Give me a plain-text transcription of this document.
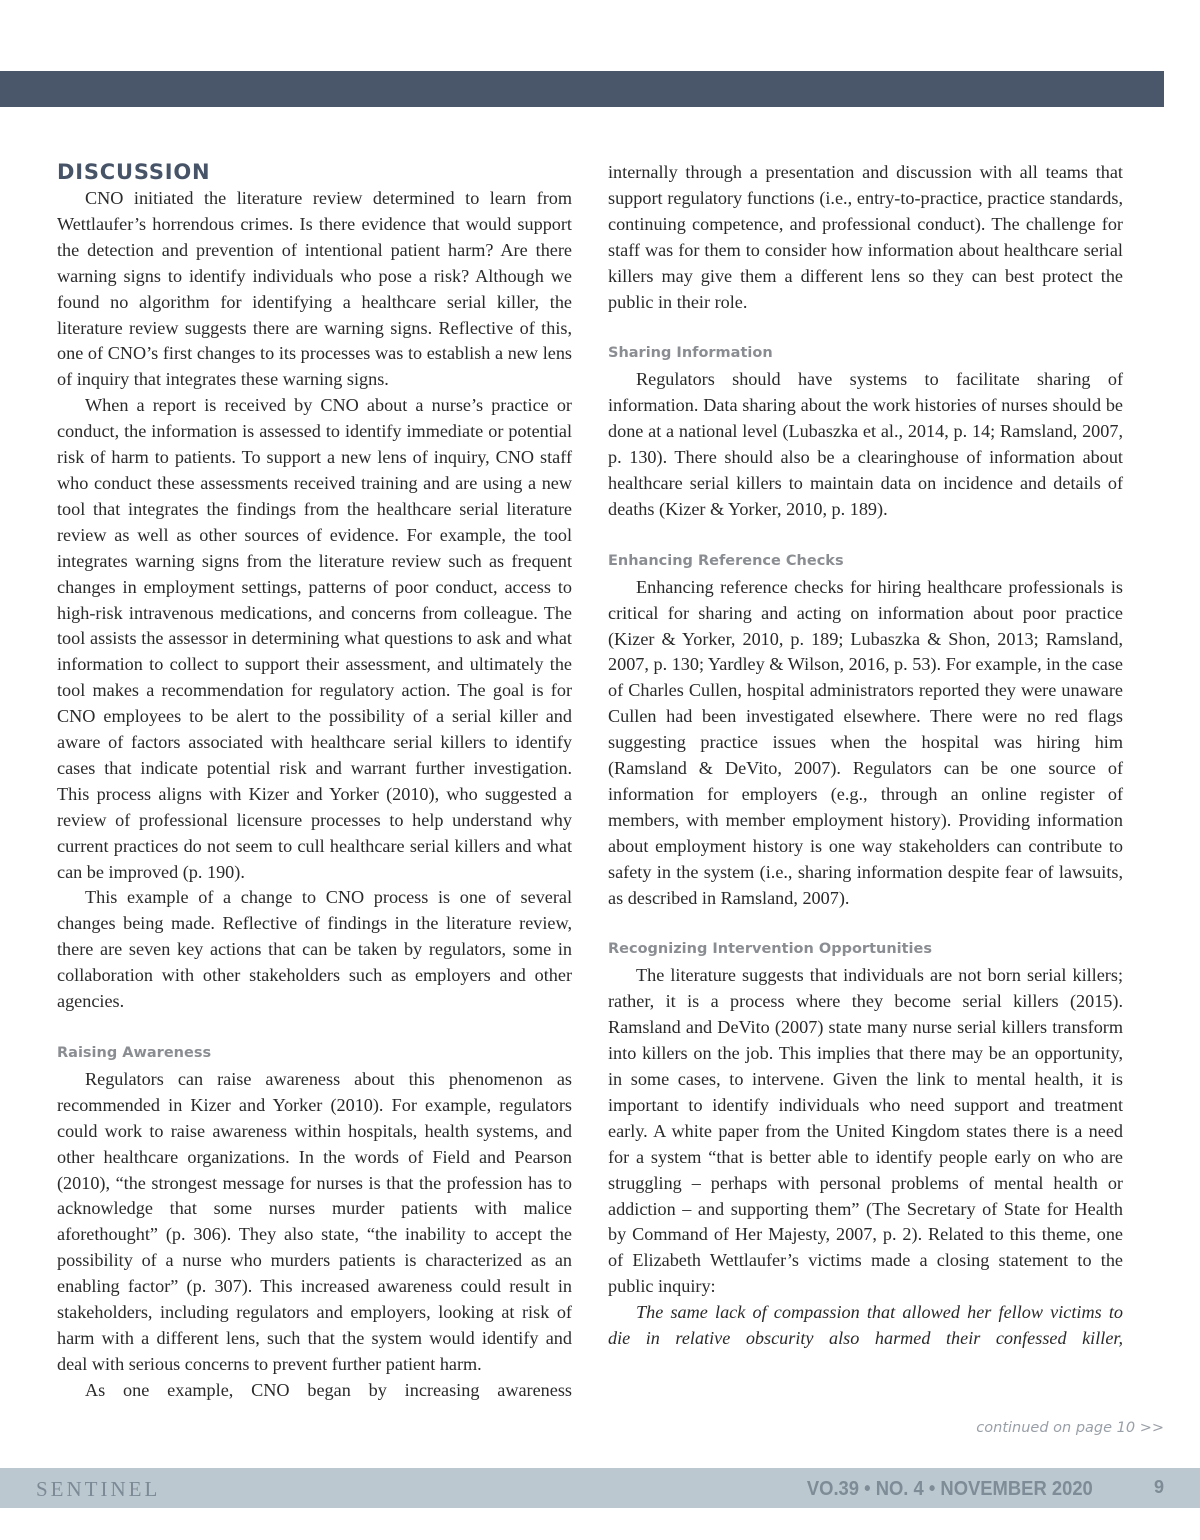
DISCUSSION

CNO initiated the literature review determined to learn from Wettlaufer’s horrendous crimes. Is there evidence that would support the detection and prevention of intentional patient harm? Are there warning signs to identify individuals who pose a risk? Although we found no algorithm for identifying a healthcare serial killer, the literature review suggests there are warning signs. Reflective of this, one of CNO’s first changes to its processes was to establish a new lens of inquiry that integrates these warning signs.

When a report is received by CNO about a nurse’s practice or conduct, the information is assessed to identify immediate or potential risk of harm to patients. To support a new lens of inquiry, CNO staff who conduct these assessments received training and are using a new tool that integrates the findings from the healthcare serial literature review as well as other sources of evidence. For example, the tool integrates warning signs from the literature review such as frequent changes in employment settings, patterns of poor conduct, access to high-risk intravenous medications, and concerns from colleague. The tool assists the assessor in determining what questions to ask and what information to collect to support their assessment, and ultimately the tool makes a recommendation for regulatory action. The goal is for CNO employees to be alert to the possibility of a serial killer and aware of factors associated with healthcare serial killers to identify cases that indicate potential risk and warrant further investigation. This process aligns with Kizer and Yorker (2010), who suggested a review of professional licensure processes to help understand why current practices do not seem to cull healthcare serial killers and what can be improved (p. 190).

This example of a change to CNO process is one of several changes being made. Reflective of findings in the literature review, there are seven key actions that can be taken by regulators, some in collaboration with other stakeholders such as employers and other agencies.

Raising Awareness

Regulators can raise awareness about this phenomenon as recommended in Kizer and Yorker (2010). For example, regulators could work to raise awareness within hospitals, health systems, and other healthcare organizations. In the words of Field and Pearson (2010), “the strongest message for nurses is that the profession has to acknowledge that some nurses murder patients with malice aforethought” (p. 306). They also state, “the inability to accept the possibility of a nurse who murders patients is characterized as an enabling factor” (p. 307). This increased awareness could result in stakeholders, including regulators and employers, looking at risk of harm with a different lens, such that the system would identify and deal with serious concerns to prevent further patient harm.

As one example, CNO began by increasing awareness

internally through a presentation and discussion with all teams that support regulatory functions (i.e., entry-to-practice, practice standards, continuing competence, and professional conduct). The challenge for staff was for them to consider how information about healthcare serial killers may give them a different lens so they can best protect the public in their role.

Sharing Information

Regulators should have systems to facilitate sharing of information. Data sharing about the work histories of nurses should be done at a national level (Lubaszka et al., 2014, p. 14; Ramsland, 2007, p. 130). There should also be a clearinghouse of information about healthcare serial killers to maintain data on incidence and details of deaths (Kizer & Yorker, 2010, p. 189).

Enhancing Reference Checks

Enhancing reference checks for hiring healthcare professionals is critical for sharing and acting on information about poor practice (Kizer & Yorker, 2010, p. 189; Lubaszka & Shon, 2013; Ramsland, 2007, p. 130; Yardley & Wilson, 2016, p. 53). For example, in the case of Charles Cullen, hospital administrators reported they were unaware Cullen had been investigated elsewhere. There were no red flags suggesting practice issues when the hospital was hiring him (Ramsland & DeVito, 2007). Regulators can be one source of information for employers (e.g., through an online register of members, with member employment history). Providing information about employment history is one way stakeholders can contribute to safety in the system (i.e., sharing information despite fear of lawsuits, as described in Ramsland, 2007).

Recognizing Intervention Opportunities

The literature suggests that individuals are not born serial killers; rather, it is a process where they become serial killers (2015). Ramsland and DeVito (2007) state many nurse serial killers transform into killers on the job. This implies that there may be an opportunity, in some cases, to intervene. Given the link to mental health, it is important to identify individuals who need support and treatment early. A white paper from the United Kingdom states there is a need for a system “that is better able to identify people early on who are struggling – perhaps with personal problems of mental health or addiction – and supporting them” (The Secretary of State for Health by Command of Her Majesty, 2007, p. 2). Related to this theme, one of Elizabeth Wettlaufer’s victims made a closing statement to the public inquiry:

The same lack of compassion that allowed her fellow victims to die in relative obscurity also harmed their confessed killer,

continued on page 10 >>
SENTINEL	VO.39 • NO. 4 • NOVEMBER 2020	9
